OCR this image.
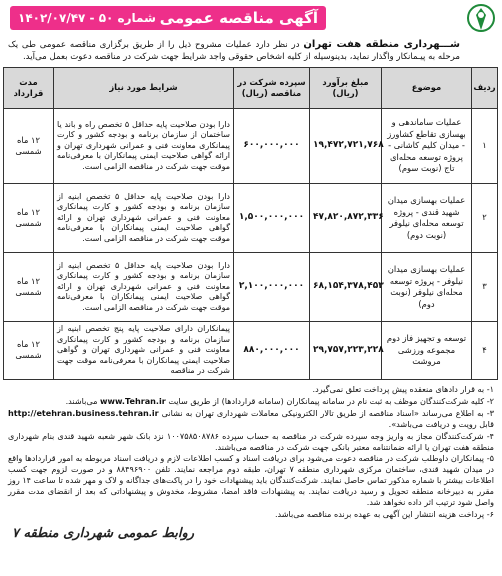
آگهی مناقصه عمومی
شماره ۵۰ - ۱۴۰۲/۰۷/۴۷
شـــهرداری منطقه هفت تهران در نظر دارد عملیات مشروح ذیل را از طریق برگزاری مناقصه عمومی طی یک مرحله به پیـمانکار واگذار نماید، بدینوسیله از کلیه اشخاص حقوقی واجد شرایط جهت شرکت در مناقصه دعوت بعمل می‌آید.
ردیف	موضوع	مبلغ برآورد (ریال)	سپرده شرکت در مناقصه (ریال)	شرایط مورد نیاز	مدت قرارداد
۱	عملیات ساماندهی و بهسازی تقاطع کشاورز - میدان کلیم کاشانی - پروژه توسعه محله‌ای تاج (نوبت سوم)	۱۹,۴۷۲,۷۲۱,۷۶۸	۶۰۰,۰۰۰,۰۰۰	دارا بودن صلاحیت پایه حداقل ۵ تخصص راه و باند یا ساختمان از سازمان برنامه و بودجه کشور و کارت پیمانکاری معاونت فنی و عمرانی شهرداری تهران و ارائه گواهی صلاحیت ایمنی پیمانکاران با معرفی‌نامه موقت جهت شرکت در مناقصه الزامی است.	۱۲ ماه شمسی
۲	عملیات بهسازی میدان شهید قندی - پروژه توسعه محله‌ای نیلوفر (نوبت دوم)	۴۷,۸۲۰,۸۷۲,۳۳۶	۱,۵۰۰,۰۰۰,۰۰۰	دارا بودن صلاحیت پایه حداقل ۵ تخصص ابنیه از سازمان برنامه و بودجه کشور و کارت پیمانکاری معاونت فنی و عمرانی شهرداری تهران و ارائه گواهی صلاحیت ایمنی پیمانکاران با معرفی‌نامه موقت جهت شرکت در مناقصه الزامی است.	۱۲ ماه شمسی
۳	عملیات بهسازی میدان نیلوفر - پروژه توسعه محله‌ای نیلوفر (نوبت دوم)	۶۸,۱۵۴,۳۷۸,۴۵۳	۲,۱۰۰,۰۰۰,۰۰۰	دارا بودن صلاحیت پایه حداقل ۵ تخصص ابنیه از سازمان برنامه و بودجه کشور و کارت پیمانکاری معاونت فنی و عمرانی شهرداری تهران و ارائه گواهی صلاحیت ایمنی پیمانکاران با معرفی‌نامه موقت جهت شرکت در مناقصه الزامی است.	۱۲ ماه شمسی
۴	توسعه و تجهیز فاز دوم مجموعه ورزشی مروشت	۲۹,۷۵۷,۲۲۳,۲۲۸	۸۸۰,۰۰۰,۰۰۰	پیمانکاران دارای صلاحیت پایه پنج تخصص ابنیه از سازمان برنامه و بودجه کشور و کارت پیمانکاری معاونت فنی و عمرانی شهرداری تهران و گواهی صلاحیت ایمنی پیمانکاران با معرفی‌نامه موقت جهت شرکت در مناقصه	۱۲ ماه شمسی

۱- به قرار دادهای منعقده پیش پرداخت تعلق نمی‌گیرد.

۲- کلیه شرکت‌کنندگان موظف به ثبت نام در سامانه پیمانکاران (سامانه قراردادها) از طریق سایت www.Tehran.ir می‌باشند.

۳- به اطلاع می‌رساند «اسناد مناقصه از طریق تالار الکترونیکی معاملات شهرداری تهران به نشانی http://etehran.business.tehran.ir قابل رویت و دریافت می‌باشد».

۴- شرکت‌کنندگان مجاز به واریز وجه سپرده شرکت در مناقصه به حساب سپرده ۱۰۰۷۵۸۵۰۸۷۸۶ نزد بانک شهر شعبه شهید قندی بنام شهرداری منطقه هفت تهران یا ارائه ضمانتنامه معتبر بانکی جهت شرکت در مناقصه می‌باشند.

۵- پیمانکاران داوطلب شرکت در مناقصه دعوت می‌شود برای دریافت اسناد و کسب اطلاعات لازم و دریافت اسناد مربوطه به امور قراردادها واقع در میدان شهید قندی، ساختمان مرکزی شهرداری منطقه ۷ تهران، طبقه دوم مراجعه نمایند. تلفن ۸۸۴۹۶۹۰۰ و در صورت لزوم جهت کسب اطلاعات بیشتر با شماره مذکور تماس حاصل نمایند. شرکت‌کنندگان باید پیشنهادات خود را در پاکت‌های جداگانه و لاک و مهر شده تا ساعت ۱۴ روز مقرر به دبیرخانه منطقه تحویل و رسید دریافت نمایند. به پیشنهادات فاقد امضا، مشروط، مخدوش و پیشنهاداتی که بعد از انقضای مدت مقرر واصل شود ترتیب اثر داده نخواهد شد.

۶- پرداخت هزینه انتشار این آگهی به عهده برنده مناقصه می‌باشد.

روابط عمومی شهرداری منطقه ۷
